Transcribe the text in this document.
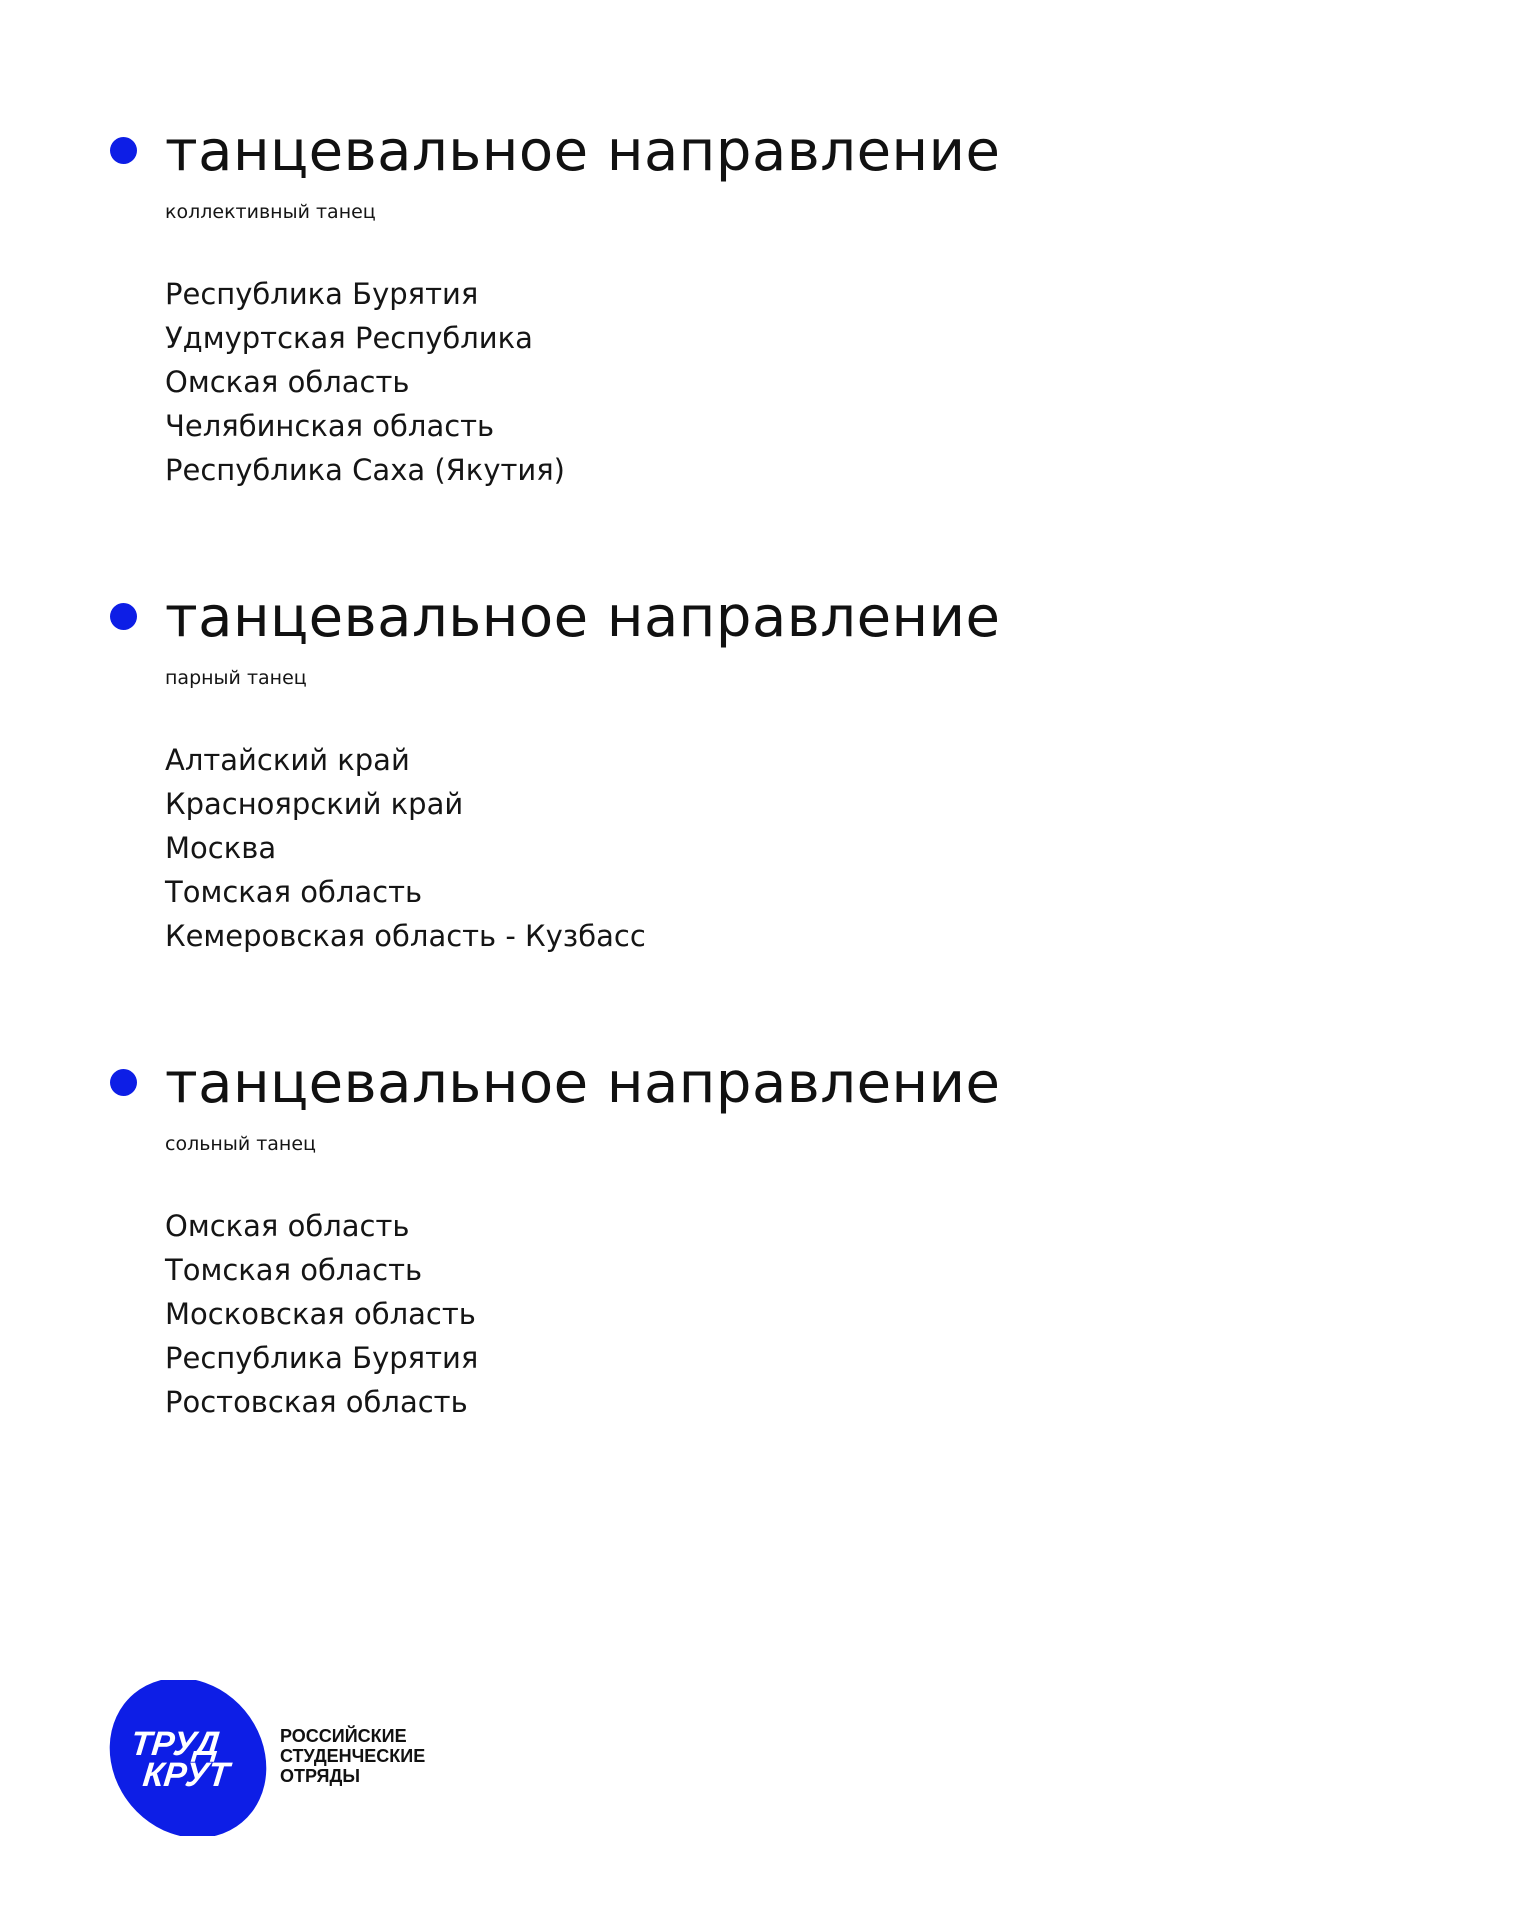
танцевальное направление

коллективный танец

Республика Бурятия
Удмуртская Республика
Омская область
Челябинская область
Республика Саха (Якутия)
танцевальное направление

парный танец

Алтайский край
Красноярский край
Москва
Томская область
Кемеровская область - Кузбасс
танцевальное направление

сольный танец

Омская область
Томская область
Московская область
Республика Бурятия
Ростовская область
ТРУД
КРУТ

РОССИЙСКИЕ
СТУДЕНЧЕСКИЕ
ОТРЯДЫ
